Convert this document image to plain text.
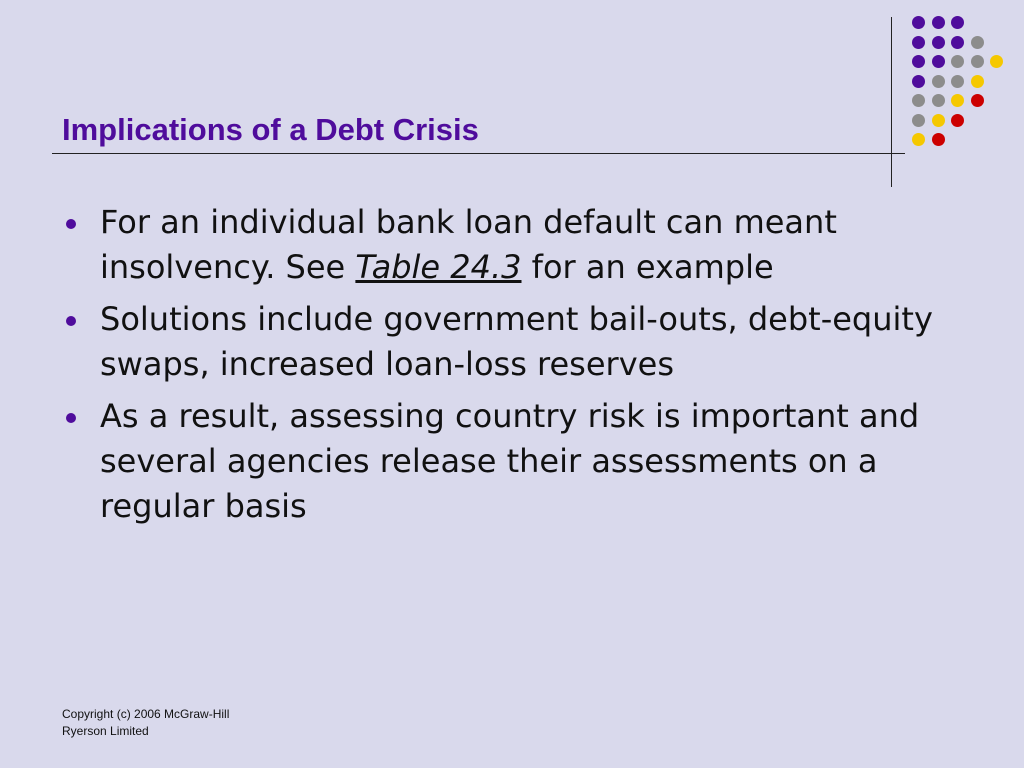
Implications of a Debt Crisis
For an individual bank loan default can meant insolvency. See Table 24.3 for an example
Solutions include government bail-outs, debt-equity swaps, increased loan-loss reserves
As a result, assessing country risk is important and several agencies release their assessments on a regular basis
Copyright (c) 2006 McGraw-Hill
Ryerson Limited
